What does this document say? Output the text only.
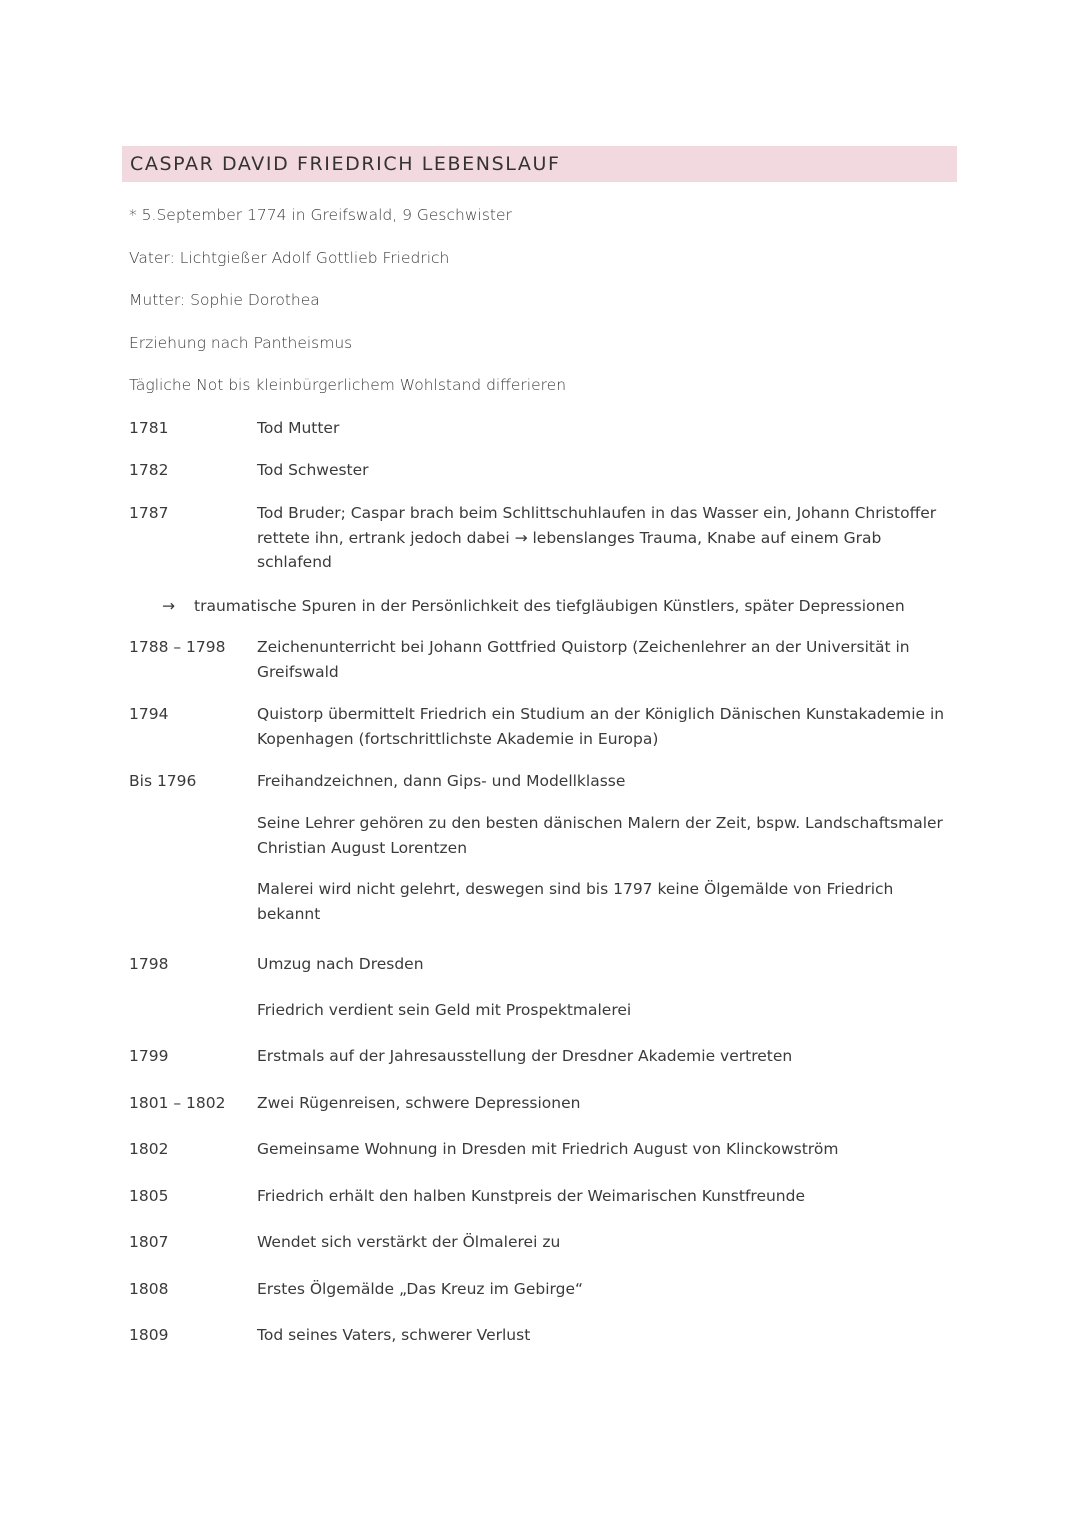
CASPAR DAVID FRIEDRICH LEBENSLAUF
* 5.September 1774 in Greifswald, 9 Geschwister
Vater: Lichtgießer Adolf Gottlieb Friedrich
Mutter: Sophie Dorothea
Erziehung nach Pantheismus
Tägliche Not bis kleinbürgerlichem Wohlstand differieren
1781	Tod Mutter
1782	Tod Schwester
1787	Tod Bruder; Caspar brach beim Schlittschuhlaufen in das Wasser ein, Johann Christoffer rettete ihn, ertrank jedoch dabei → lebenslanges Trauma, Knabe auf einem Grab schlafend
→ traumatische Spuren in der Persönlichkeit des tiefgläubigen Künstlers, später Depressionen
1788 – 1798 Zeichenunterricht bei Johann Gottfried Quistorp (Zeichenlehrer an der Universität in Greifswald
1794	Quistorp übermittelt Friedrich ein Studium an der Königlich Dänischen Kunstakademie in Kopenhagen (fortschrittlichste Akademie in Europa)
Bis 1796	Freihandzeichnen, dann Gips- und Modellklasse
Seine Lehrer gehören zu den besten dänischen Malern der Zeit, bspw. Landschaftsmaler Christian August Lorentzen
Malerei wird nicht gelehrt, deswegen sind bis 1797 keine Ölgemälde von Friedrich bekannt
1798	Umzug nach Dresden
Friedrich verdient sein Geld mit Prospektmalerei
1799	Erstmals auf der Jahresausstellung der Dresdner Akademie vertreten
1801 – 1802 Zwei Rügenreisen, schwere Depressionen
1802	Gemeinsame Wohnung in Dresden mit Friedrich August von Klinckowström
1805	Friedrich erhält den halben Kunstpreis der Weimarischen Kunstfreunde
1807	Wendet sich verstärkt der Ölmalerei zu
1808	Erstes Ölgemälde „Das Kreuz im Gebirge“
1809	Tod seines Vaters, schwerer Verlust
